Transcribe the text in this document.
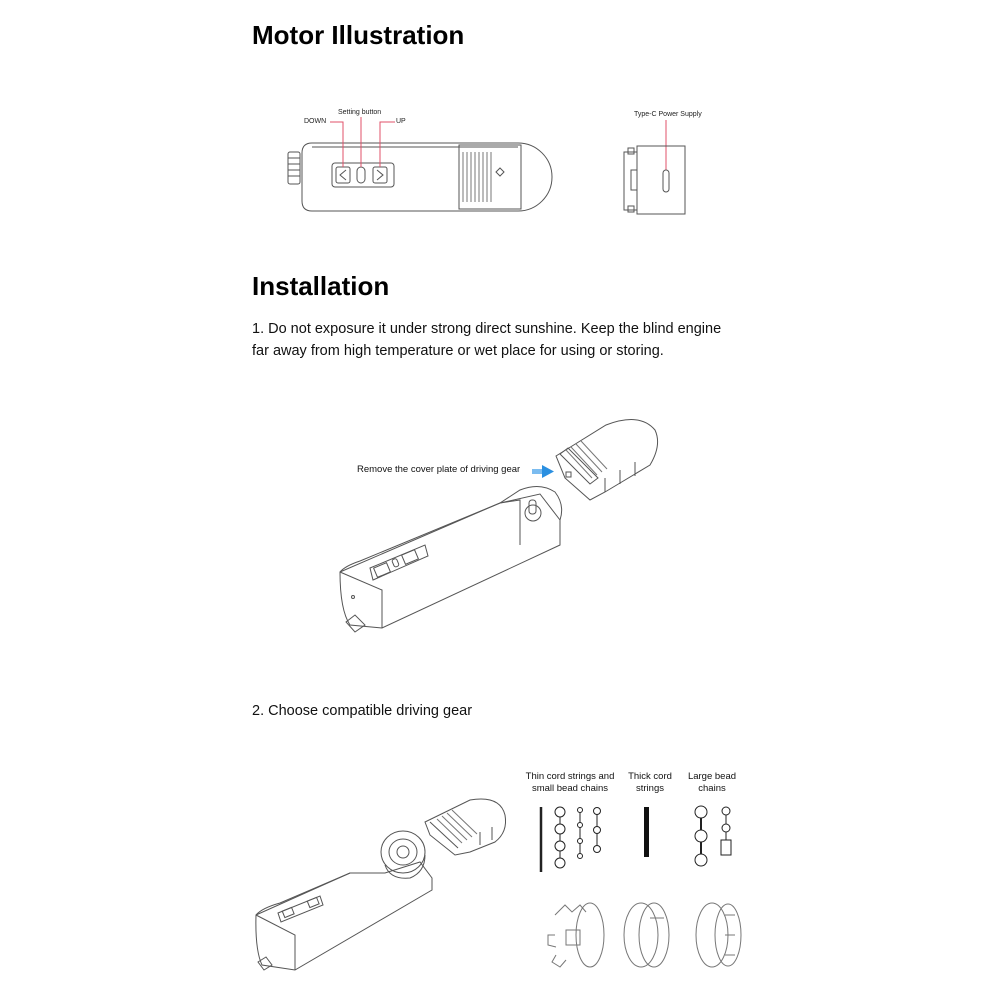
Motor Illustration
DOWN
Setting button
UP
Type-C Power Supply
Installation
1. Do not exposure it under strong direct sunshine. Keep the blind engine
far away from high temperature or wet place for using or storing.
Remove the cover plate of driving gear
2. Choose compatible driving gear
Thin cord strings and
small bead chains
Thick cord
strings
Large bead
chains
